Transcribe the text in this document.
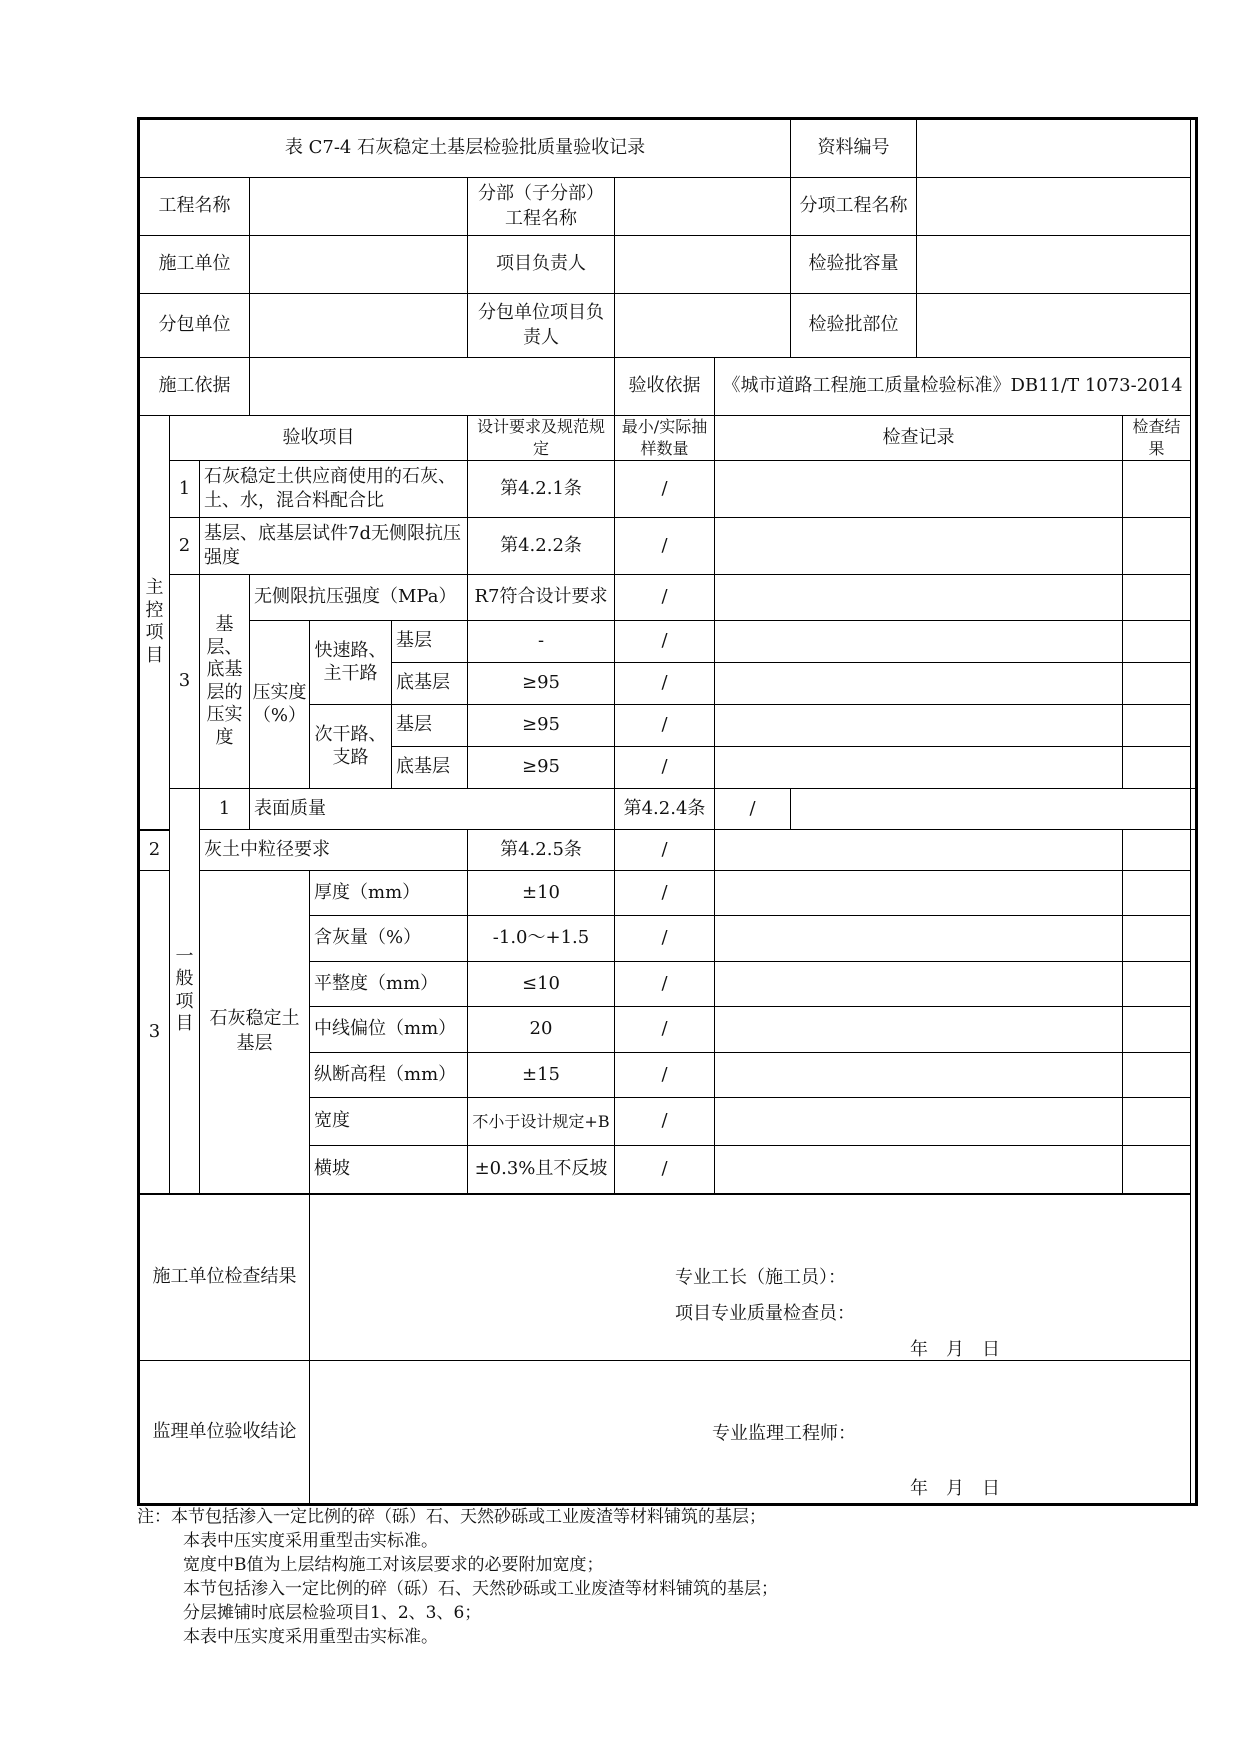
表 C7-4 石灰稳定土基层检验批质量验收记录									资料编号			
工程名称						分部（子分部）工程名称			分项工程名称			
施工单位						项目负责人			检验批容量			
分包单位						分包单位项目负责人			检验批部位			
施工依据							验收依据	《城市道路工程施工质量检验标准》DB11/T 1073-2014				
主控项目	验收项目					设计要求及规范规定	最小/实际抽样数量	检查记录			检查结果	
	1	石灰稳定土供应商使用的石灰、土、水，混合料配合比				第4.2.1条	/					
	2	基层、底基层试件7d无侧限抗压强度				第4.2.2条	/					
	3	基层、底基层的压实度	无侧限抗压强度（MPa）			R7符合设计要求	/					
			压实度（%）	快速路、主干路	基层	-	/					
					底基层	≥95	/					
				次干路、支路	基层	≥95	/					
					底基层	≥95	/					
	一般项目	1	表面质量				第4.2.4条	/				
2		灰土中粒径要求				第4.2.5条	/					
3		石灰稳定土基层		厚度（mm）		±10	/					
				含灰量（%）		-1.0～+1.5	/					
				平整度（mm）		≤10	/					
				中线偏位（mm）		20	/					
				纵断高程（mm）		±15	/					
				宽度		不小于设计规定+B	/					
				横坡		±0.3%且不反坡	/					
施工单位检查结果				专业工长（施工员）：
项目专业质量检查员：
年　月　日								

监理单位验收结论				专业监理工程师：
年　月　日								
注：本节包括渗入一定比例的碎（砾）石、天然砂砾或工业废渣等材料铺筑的基层；
本表中压实度采用重型击实标准。
宽度中B值为上层结构施工对该层要求的必要附加宽度；
本节包括渗入一定比例的碎（砾）石、天然砂砾或工业废渣等材料铺筑的基层；
分层摊铺时底层检验项目1、2、3、6；
本表中压实度采用重型击实标准。
